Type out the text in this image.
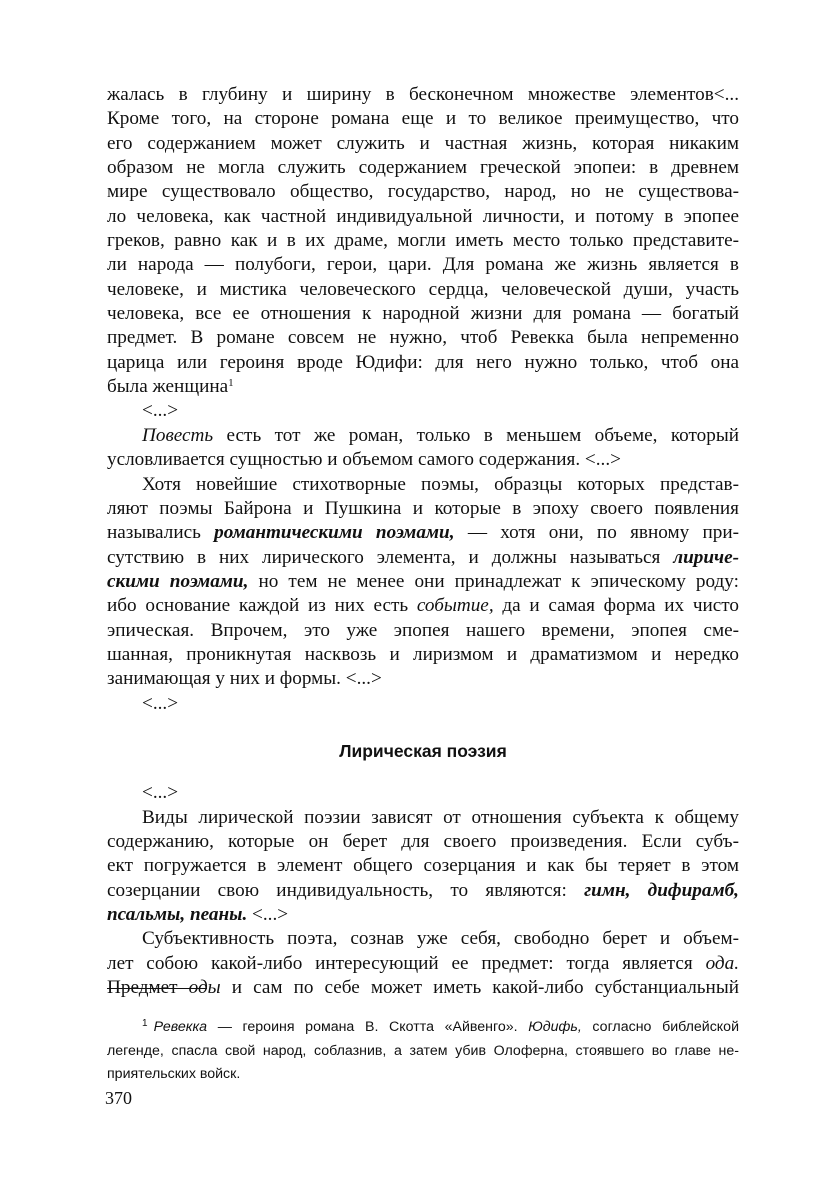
жалась в глубину и ширину в бесконечном множестве элементов<...
Кроме того, на стороне романа еще и то великое преимущество, что
его содержанием может служить и частная жизнь, которая никаким
образом не могла служить содержанием греческой эпопеи: в древнем
мире существовало общество, государство, народ, но не существова-
ло человека, как частной индивидуальной личности, и потому в эпопее
греков, равно как и в их драме, могли иметь место только представите-
ли народа — полубоги, герои, цари. Для романа же жизнь является в
человеке, и мистика человеческого сердца, человеческой души, участь
человека, все ее отношения к народной жизни для романа — богатый
предмет. В романе совсем не нужно, чтоб Ревекка была непременно
царица или героиня вроде Юдифи: для него нужно только, чтоб она
была женщина$^1$
<...>
Повесть есть тот же роман, только в меньшем объеме, который
условливается сущностью и объемом самого содержания. <...>
Хотя новейшие стихотворные поэмы, образцы которых представ-
ляют поэмы Байрона и Пушкина и которые в эпоху своего появления
назывались романтическими поэмами, — хотя они, по явному при-
сутствию в них лирического элемента, и должны называться лириче-
скими поэмами, но тем не менее они принадлежат к эпическому роду:
ибо основание каждой из них есть событие, да и самая форма их чисто
эпическая. Впрочем, это уже эпопея нашего времени, эпопея сме-
шанная, проникнутая насквозь и лиризмом и драматизмом и нередко
занимающая у них и формы. <...>
<...>
Лирическая поэзия
<...>
Виды лирической поэзии зависят от отношения субъекта к общему
содержанию, которые он берет для своего произведения. Если субъ-
ект погружается в элемент общего созерцания и как бы теряет в этом
созерцании свою индивидуальность, то являются: гимн, дифирамб,
псальмы, пеаны. <...>
Субъективность поэта, сознав уже себя, свободно берет и объем-
лет собою какой-либо интересующий ее предмет: тогда является ода.
Предмет оды и сам по себе может иметь какой-либо субстанциальный
$^1$ Ревекка — героиня романа В. Скотта «Айвенго». Юдифь, согласно библейской
легенде, спасла свой народ, соблазнив, а затем убив Олоферна, стоявшего во главе не-
приятельских войск.
370
